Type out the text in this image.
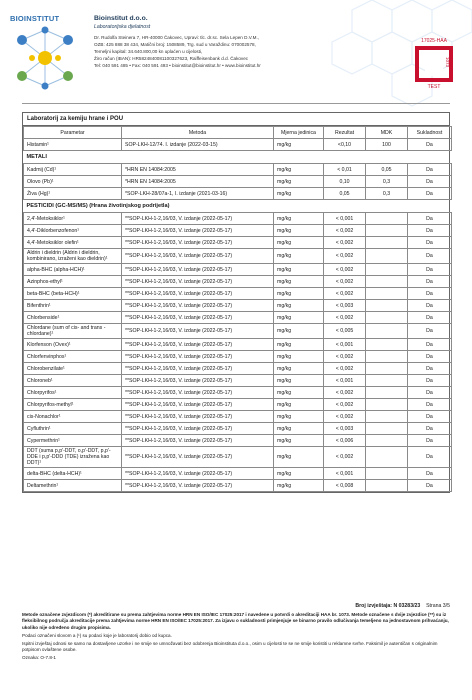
BIOINSTITUT	Bioinstitut d.o.o.
Laboratorijska djelatnost
Dr. Rudolfa Steinera 7, HR-40000 Čakovec, Upravi: tlc. dr.sc. Sela Lepen D.V.M.,
OZB: 425 888 38 434, Matični broj: 1508589, Trg. sud u Varaždinu: 070002578,
Temeljni kapital: 34.640.800,00 kn uplaćen u cijelosti,
Žiro račun (IBAN): HR5824840081100327623, Raiffeisenbank d.d. Čakovec
Tel: 040 591 485 • Fax: 040 591 493 • bioinstitut@bioinstitut.hr • www.bioinstitut.hr
17025-HAA
1073
TEST
Laboratorij za kemiju hrane i POU
Parametar	Metoda	Mjerna jedinica	Rezultat	MDK	Sukladnost
Histamin¹	SOP-LKH-12/74. I. izdanje (2022-03-15)	mg/kg	<0,10	100	Da
METALI					
Kadmij (Cd)¹	*HRN EN 14084:2005	mg/kg	< 0,01	0,05	Da
Olovo (Pb)¹	*HRN EN 14084:2005	mg/kg	0,10	0,3	Da
Živa (Hg)¹	*SOP-LKH-28/07a-1, I. izdanje (2021-03-16)	mg/kg	0,05	0,3	Da
PESTICIDI (GC-MS/MS) (Hrana životinjskog podrijetla)					
2,4'-Metoksiklor¹	**SOP-LKH-1-2,16/03, V. izdanje (2022-05-17)	mg/kg	< 0,001		Da
4,4'-Diklorbenzofenon¹	**SOP-LKH-1-2,16/03, V. izdanje (2022-05-17)	mg/kg	< 0,002		Da
4,4'-Metoksiklor olefin¹	**SOP-LKH-1-2,16/03, V. izdanje (2022-05-17)	mg/kg	< 0,002		Da
Aldrin i dieldrin (Aldrin i dieldrin, kombinirano, izraženi kao dieldrin)¹	**SOP-LKH-1-2,16/03, V. izdanje (2022-05-17)	mg/kg	< 0,002		Da
alpha-BHC (alpha-HCH)¹	**SOP-LKH-1-2,16/03, V. izdanje (2022-05-17)	mg/kg	< 0,002		Da
Azinphos-ethyl¹	**SOP-LKH-1-2,16/03, V. izdanje (2022-05-17)	mg/kg	< 0,002		Da
beta-BHC (beta-HCH)¹	**SOP-LKH-1-2,16/03, V. izdanje (2022-05-17)	mg/kg	< 0,002		Da
Bifenthrin¹	**SOP-LKH-1-2,16/03, V. izdanje (2022-05-17)	mg/kg	< 0,003		Da
Chlorbenside¹	**SOP-LKH-1-2,16/03, V. izdanje (2022-05-17)	mg/kg	< 0,002		Da
Chlordane (sum of cis- and trans -chlordane)¹	**SOP-LKH-1-2,16/03, V. izdanje (2022-05-17)	mg/kg	< 0,005		Da
Klorfenson (Ovex)¹	**SOP-LKH-1-2,16/03, V. izdanje (2022-05-17)	mg/kg	< 0,001		Da
Chlorfenvinphos¹	**SOP-LKH-1-2,16/03, V. izdanje (2022-05-17)	mg/kg	< 0,002		Da
Chlorobenzilate¹	**SOP-LKH-1-2,16/03, V. izdanje (2022-05-17)	mg/kg	< 0,002		Da
Chloroneb¹	**SOP-LKH-1-2,16/03, V. izdanje (2022-05-17)	mg/kg	< 0,001		Da
Chlorpyrifos¹	**SOP-LKH-1-2,16/03, V. izdanje (2022-05-17)	mg/kg	< 0,002		Da
Chlorpyrifos-methyl¹	**SOP-LKH-1-2,16/03, V. izdanje (2022-05-17)	mg/kg	< 0,002		Da
cis-Nonachlor¹	**SOP-LKH-1-2,16/03, V. izdanje (2022-05-17)	mg/kg	< 0,002		Da
Cyfluthrin¹	**SOP-LKH-1-2,16/03, V. izdanje (2022-05-17)	mg/kg	< 0,003		Da
Cypermethrin¹	**SOP-LKH-1-2,16/03, V. izdanje (2022-05-17)	mg/kg	< 0,006		Da
DDT (suma p,p'-DDT, o,p'-DDT, p,p'-DDE i p,p'-DDD (TDE) izražena kao DDT)¹	**SOP-LKH-1-2,16/03, V. izdanje (2022-05-17)	mg/kg	< 0,002		Da
delta-BHC (delta-HCH)¹	**SOP-LKH-1-2,16/03, V. izdanje (2022-05-17)	mg/kg	< 0,001		Da
Deltamethrin¹	**SOP-LKH-1-2,16/03, V. izdanje (2022-05-17)	mg/kg	< 0,008		Da
Broj izvještaja: N 03283/23 Strana 3/5
Metode označene zvjezdicom (*) akreditirane su prema zahtjevima norme HRN EN ISO/IEC 17025:2017 i navedene u potvrdi o akreditaciji HAA br. 1073. Metode označene s dvije zvjezdice (**) su iz fleksibilnog područja akreditacije prema zahtjevima norme HRN EN ISO/IEC 17025:2017. Za izjavu o sukladnosti primjenjuje se binarno pravilo odlučivanja temeljeno na jednostavnom prihvaćanju, ukoliko nije određeno drugim propisima.
Podaci označeni slovom a (¹) su podaci koje je laboratorij dobio od kupca.
Ispitni izvještaj odnosi se samo na dostavljene uzorke i ne smije se umnožavati bez odobrenja Bioinstituta d.o.o., osim u cijelosti te se ne smije koristiti u reklamne svrhe. Faksimil je autentičan s originalnim potpisom ovlaštene osobe.
Oznaka: O-7.8-1
